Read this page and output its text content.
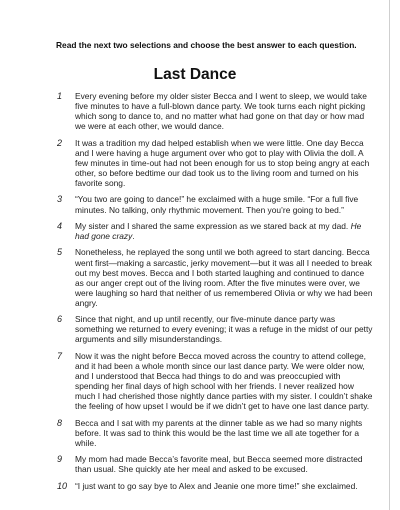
Read the next two selections and choose the best answer to each question.
Last Dance
1 Every evening before my older sister Becca and I went to sleep, we would take five minutes to have a full-blown dance party. We took turns each night picking which song to dance to, and no matter what had gone on that day or how mad we were at each other, we would dance.
2 It was a tradition my dad helped establish when we were little. One day Becca and I were having a huge argument over who got to play with Olivia the doll. A few minutes in time-out had not been enough for us to stop being angry at each other, so before bedtime our dad took us to the living room and turned on his favorite song.
3 “You two are going to dance!” he exclaimed with a huge smile. “For a full five minutes. No talking, only rhythmic movement. Then you’re going to bed.”
4 My sister and I shared the same expression as we stared back at my dad. He had gone crazy.
5 Nonetheless, he replayed the song until we both agreed to start dancing. Becca went first—making a sarcastic, jerky movement—but it was all I needed to break out my best moves. Becca and I both started laughing and continued to dance as our anger crept out of the living room. After the five minutes were over, we were laughing so hard that neither of us remembered Olivia or why we had been angry.
6 Since that night, and up until recently, our five-minute dance party was something we returned to every evening; it was a refuge in the midst of our petty arguments and silly misunderstandings.
7 Now it was the night before Becca moved across the country to attend college, and it had been a whole month since our last dance party. We were older now, and I understood that Becca had things to do and was preoccupied with spending her final days of high school with her friends. I never realized how much I had cherished those nightly dance parties with my sister. I couldn’t shake the feeling of how upset I would be if we didn’t get to have one last dance party.
8 Becca and I sat with my parents at the dinner table as we had so many nights before. It was sad to think this would be the last time we all ate together for a while.
9 My mom had made Becca’s favorite meal, but Becca seemed more distracted than usual. She quickly ate her meal and asked to be excused.
10 “I just want to go say bye to Alex and Jeanie one more time!” she exclaimed.
